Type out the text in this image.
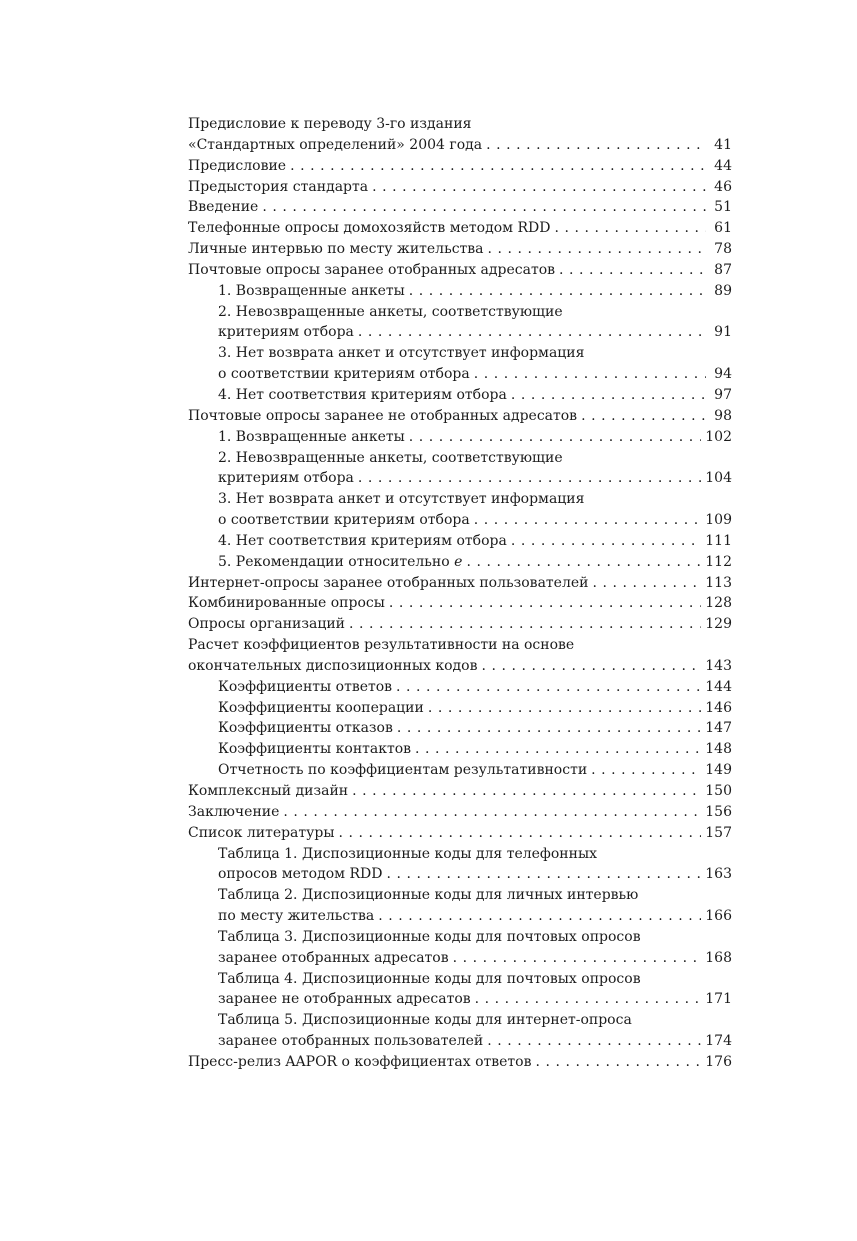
Предисловие к переводу 3-го издания
«Стандартных определений» 2004 года . . .	41
Предисловие . . .	44
Предыстория стандарта . . .	46
Введение . . .	51
Телефонные опросы домохозяйств методом RDD . . .	61
Личные интервью по месту жительства . . .	78
Почтовые опросы заранее отобранных адресатов . . .	87
1. Возвращенные анкеты . . .	89
2. Невозвращенные анкеты, соответствующие
критериям отбора . . .	91
3. Нет возврата анкет и отсутствует информация
о соответствии критериям отбора . . .	94
4. Нет соответствия критериям отбора . . .	97
Почтовые опросы заранее не отобранных адресатов . . .	98
1. Возвращенные анкеты . . .	102
2. Невозвращенные анкеты, соответствующие
критериям отбора . . .	104
3. Нет возврата анкет и отсутствует информация
о соответствии критериям отбора . . .	109
4. Нет соответствия критериям отбора . . .	111
5. Рекомендации относительно e . . .	112
Интернет-опросы заранее отобранных пользователей . . .	113
Комбинированные опросы . . .	128
Опросы организаций . . .	129
Расчет коэффициентов результативности на основе
окончательных диспозиционных кодов . . .	143
Коэффициенты ответов . . .	144
Коэффициенты кооперации . . .	146
Коэффициенты отказов . . .	147
Коэффициенты контактов . . .	148
Отчетность по коэффициентам результативности . . .	149
Комплексный дизайн . . .	150
Заключение . . .	156
Список литературы . . .	157
Таблица 1. Диспозиционные коды для телефонных
опросов методом RDD . . .	163
Таблица 2. Диспозиционные коды для личных интервью
по месту жительства . . .	166
Таблица 3. Диспозиционные коды для почтовых опросов
заранее отобранных адресатов . . .	168
Таблица 4. Диспозиционные коды для почтовых опросов
заранее не отобранных адресатов . . .	171
Таблица 5. Диспозиционные коды для интернет-опроса
заранее отобранных пользователей . . .	174
Пресс-релиз AAPOR о коэффициентах ответов . . .	176
